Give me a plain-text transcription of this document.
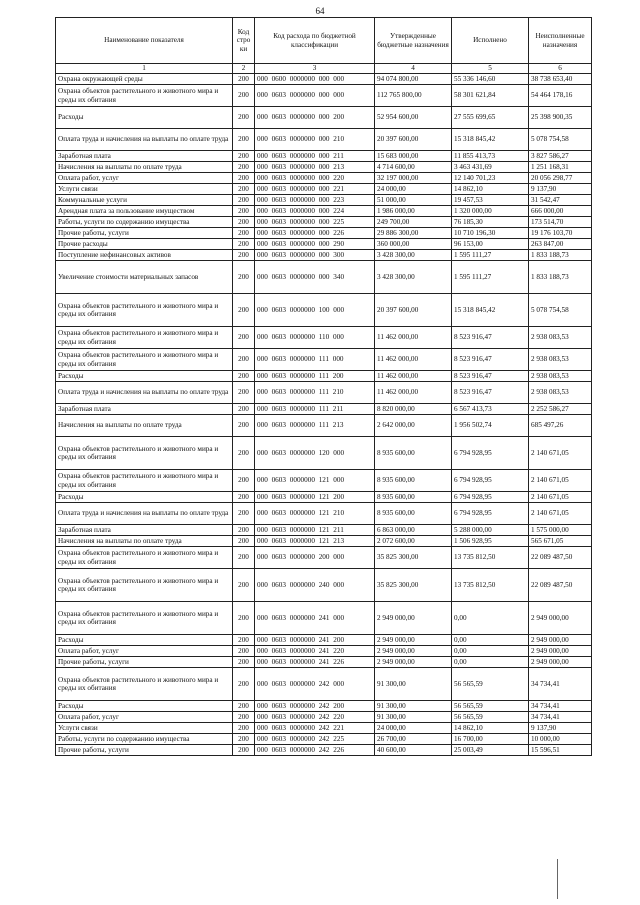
64
Наименование показателя	Код стро ки	Код расхода по бюджетной классификации	Утвержденные бюджетные назначения	Исполнено	Неисполненные назначения
1	2	3	4	5	6
Охрана окружающей среды	200	000 0600 0000000 000 000	94 074 800,00	55 336 146,60	38 738 653,40
Охрана объектов растительного и животного мира и среды их обитания	200	000 0603 0000000 000 000	112 765 800,00	58 301 621,84	54 464 178,16
Расходы	200	000 0603 0000000 000 200	52 954 600,00	27 555 699,65	25 398 900,35
Оплата труда и начисления на выплаты по оплате труда	200	000 0603 0000000 000 210	20 397 600,00	15 318 845,42	5 078 754,58
Заработная плата	200	000 0603 0000000 000 211	15 683 000,00	11 855 413,73	3 827 586,27
Начисления на выплаты по оплате труда	200	000 0603 0000000 000 213	4 714 600,00	3 463 431,69	1 251 168,31
Оплата работ, услуг	200	000 0603 0000000 000 220	32 197 000,00	12 140 701,23	20 056 298,77
Услуги связи	200	000 0603 0000000 000 221	24 000,00	14 862,10	9 137,90
Коммунальные услуги	200	000 0603 0000000 000 223	51 000,00	19 457,53	31 542,47
Арендная плата за пользование имуществом	200	000 0603 0000000 000 224	1 986 000,00	1 320 000,00	666 000,00
Работы, услуги по содержанию имущества	200	000 0603 0000000 000 225	249 700,00	76 185,30	173 514,70
Прочие работы, услуги	200	000 0603 0000000 000 226	29 886 300,00	10 710 196,30	19 176 103,70
Прочие расходы	200	000 0603 0000000 000 290	360 000,00	96 153,00	263 847,00
Поступление нефинансовых активов	200	000 0603 0000000 000 300	3 428 300,00	1 595 111,27	1 833 188,73
Увеличение стоимости материальных запасов	200	000 0603 0000000 000 340	3 428 300,00	1 595 111,27	1 833 188,73
Охрана объектов растительного и животного мира и среды их обитания	200	000 0603 0000000 100 000	20 397 600,00	15 318 845,42	5 078 754,58
Охрана объектов растительного и животного мира и среды их обитания	200	000 0603 0000000 110 000	11 462 000,00	8 523 916,47	2 938 083,53
Охрана объектов растительного и животного мира и среды их обитания	200	000 0603 0000000 111 000	11 462 000,00	8 523 916,47	2 938 083,53
Расходы	200	000 0603 0000000 111 200	11 462 000,00	8 523 916,47	2 938 083,53
Оплата труда и начисления на выплаты по оплате труда	200	000 0603 0000000 111 210	11 462 000,00	8 523 916,47	2 938 083,53
Заработная плата	200	000 0603 0000000 111 211	8 820 000,00	6 567 413,73	2 252 586,27
Начисления на выплаты по оплате труда	200	000 0603 0000000 111 213	2 642 000,00	1 956 502,74	685 497,26
Охрана объектов растительного и животного мира и среды их обитания	200	000 0603 0000000 120 000	8 935 600,00	6 794 928,95	2 140 671,05
Охрана объектов растительного и животного мира и среды их обитания	200	000 0603 0000000 121 000	8 935 600,00	6 794 928,95	2 140 671,05
Расходы	200	000 0603 0000000 121 200	8 935 600,00	6 794 928,95	2 140 671,05
Оплата труда и начисления на выплаты по оплате труда	200	000 0603 0000000 121 210	8 935 600,00	6 794 928,95	2 140 671,05
Заработная плата	200	000 0603 0000000 121 211	6 863 000,00	5 288 000,00	1 575 000,00
Начисления на выплаты по оплате труда	200	000 0603 0000000 121 213	2 072 600,00	1 506 928,95	565 671,05
Охрана объектов растительного и животного мира и среды их обитания	200	000 0603 0000000 200 000	35 825 300,00	13 735 812,50	22 089 487,50
Охрана объектов растительного и животного мира и среды их обитания	200	000 0603 0000000 240 000	35 825 300,00	13 735 812,50	22 089 487,50
Охрана объектов растительного и животного мира и среды их обитания	200	000 0603 0000000 241 000	2 949 000,00	0,00	2 949 000,00
Расходы	200	000 0603 0000000 241 200	2 949 000,00	0,00	2 949 000,00
Оплата работ, услуг	200	000 0603 0000000 241 220	2 949 000,00	0,00	2 949 000,00
Прочие работы, услуги	200	000 0603 0000000 241 226	2 949 000,00	0,00	2 949 000,00
Охрана объектов растительного и животного мира и среды их обитания	200	000 0603 0000000 242 000	91 300,00	56 565,59	34 734,41
Расходы	200	000 0603 0000000 242 200	91 300,00	56 565,59	34 734,41
Оплата работ, услуг	200	000 0603 0000000 242 220	91 300,00	56 565,59	34 734,41
Услуги связи	200	000 0603 0000000 242 221	24 000,00	14 862,10	9 137,90
Работы, услуги по содержанию имущества	200	000 0603 0000000 242 225	26 700,00	16 700,00	10 000,00
Прочие работы, услуги	200	000 0603 0000000 242 226	40 600,00	25 003,49	15 596,51
